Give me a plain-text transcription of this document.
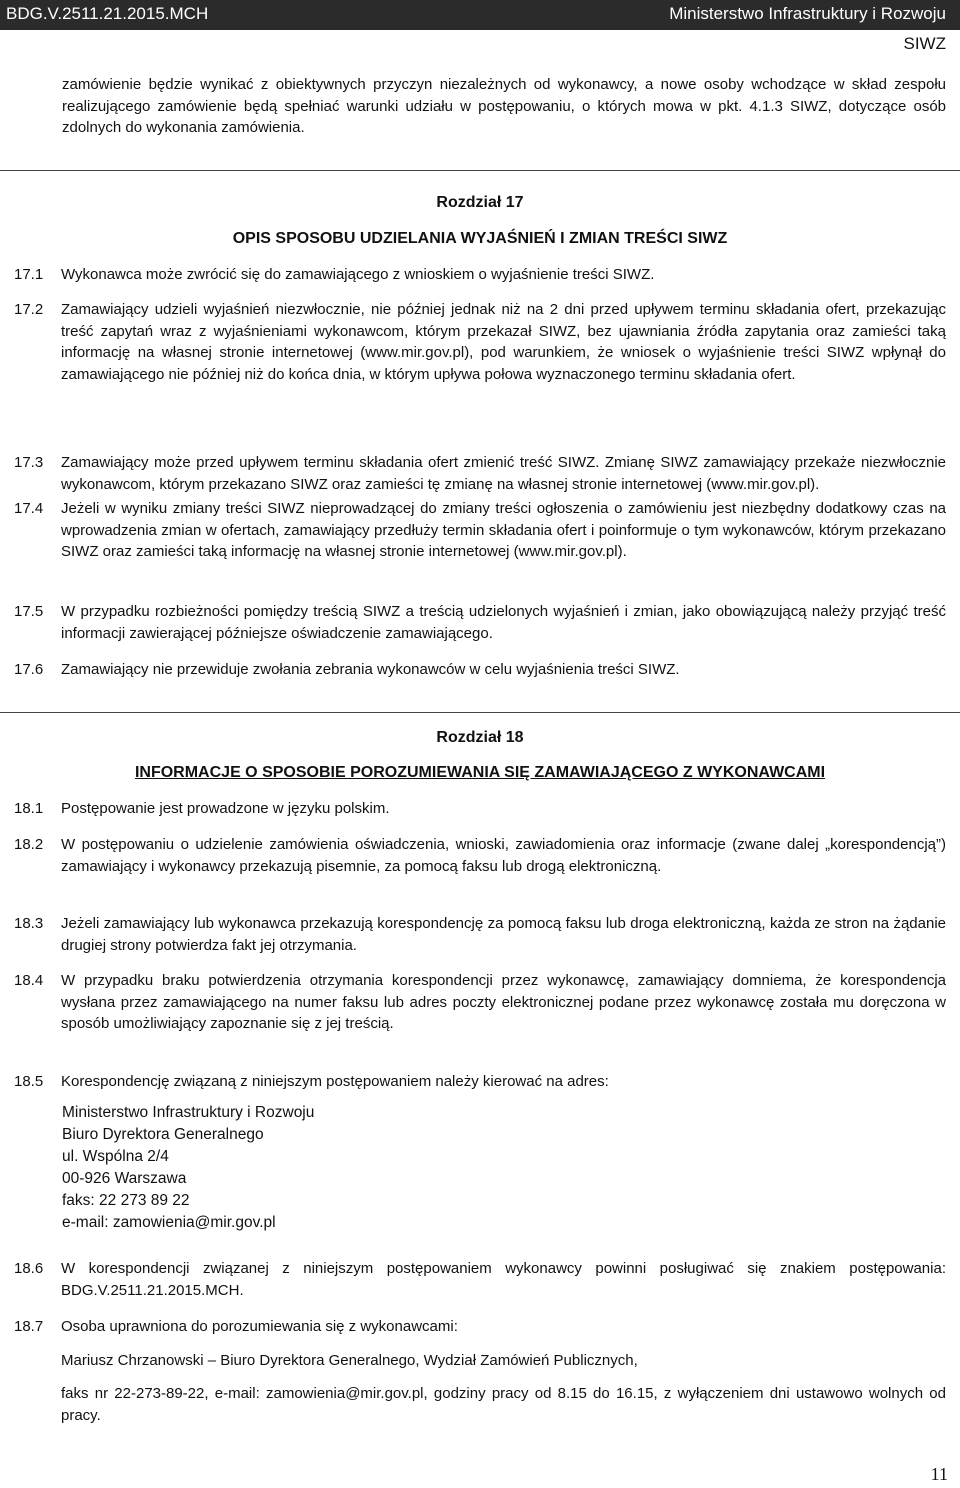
BDG.V.2511.21.2015.MCH	Ministerstwo Infrastruktury i Rozwoju
SIWZ
zamówienie będzie wynikać z obiektywnych przyczyn niezależnych od wykonawcy, a nowe osoby wchodzące w skład zespołu realizującego zamówienie będą spełniać warunki udziału w postępowaniu, o których mowa w pkt. 4.1.3 SIWZ, dotyczące osób zdolnych do wykonania zamówienia.
Rozdział 17
OPIS SPOSOBU UDZIELANIA WYJAŚNIEŃ I ZMIAN TREŚCI SIWZ
17.1 Wykonawca może zwrócić się do zamawiającego z wnioskiem o wyjaśnienie treści SIWZ.
17.2 Zamawiający udzieli wyjaśnień niezwłocznie, nie później jednak niż na 2 dni przed upływem terminu składania ofert, przekazując treść zapytań wraz z wyjaśnieniami wykonawcom, którym przekazał SIWZ, bez ujawniania źródła zapytania oraz zamieści taką informację na własnej stronie internetowej (www.mir.gov.pl), pod warunkiem, że wniosek o wyjaśnienie treści SIWZ wpłynął do zamawiającego nie później niż do końca dnia, w którym upływa połowa wyznaczonego terminu składania ofert.
17.3 Zamawiający może przed upływem terminu składania ofert zmienić treść SIWZ. Zmianę SIWZ zamawiający przekaże niezwłocznie wykonawcom, którym przekazano SIWZ oraz zamieści tę zmianę na własnej stronie internetowej (www.mir.gov.pl).
17.4 Jeżeli w wyniku zmiany treści SIWZ nieprowadzącej do zmiany treści ogłoszenia o zamówieniu jest niezbędny dodatkowy czas na wprowadzenia zmian w ofertach, zamawiający przedłuży termin składania ofert i poinformuje o tym wykonawców, którym przekazano SIWZ oraz zamieści taką informację na własnej stronie internetowej (www.mir.gov.pl).
17.5 W przypadku rozbieżności pomiędzy treścią SIWZ a treścią udzielonych wyjaśnień i zmian, jako obowiązującą należy przyjąć treść informacji zawierającej późniejsze oświadczenie zamawiającego.
17.6 Zamawiający nie przewiduje zwołania zebrania wykonawców w celu wyjaśnienia treści SIWZ.
Rozdział 18
INFORMACJE O SPOSOBIE POROZUMIEWANIA SIĘ ZAMAWIAJĄCEGO Z WYKONAWCAMI
18.1 Postępowanie jest prowadzone w języku polskim.
18.2 W postępowaniu o udzielenie zamówienia oświadczenia, wnioski, zawiadomienia oraz informacje (zwane dalej „korespondencją”) zamawiający i wykonawcy przekazują pisemnie, za pomocą faksu lub drogą elektroniczną.
18.3 Jeżeli zamawiający lub wykonawca przekazują korespondencję za pomocą faksu lub droga elektroniczną, każda ze stron na żądanie drugiej strony potwierdza fakt jej otrzymania.
18.4 W przypadku braku potwierdzenia otrzymania korespondencji przez wykonawcę, zamawiający domniema, że korespondencja wysłana przez zamawiającego na numer faksu lub adres poczty elektronicznej podane przez wykonawcę została mu doręczona w sposób umożliwiający zapoznanie się z jej treścią.
18.5 Korespondencję związaną z niniejszym postępowaniem należy kierować na adres:
Ministerstwo Infrastruktury i Rozwoju
Biuro Dyrektora Generalnego
ul. Wspólna 2/4
00-926 Warszawa
faks: 22 273 89 22
e-mail: zamowienia@mir.gov.pl
18.6 W korespondencji związanej z niniejszym postępowaniem wykonawcy powinni posługiwać się znakiem postępowania: BDG.V.2511.21.2015.MCH.
18.7 Osoba uprawniona do porozumiewania się z wykonawcami:
Mariusz Chrzanowski – Biuro Dyrektora Generalnego, Wydział Zamówień Publicznych,
faks nr 22-273-89-22, e-mail: zamowienia@mir.gov.pl, godziny pracy od 8.15 do 16.15, z wyłączeniem dni ustawowo wolnych od pracy.
11
